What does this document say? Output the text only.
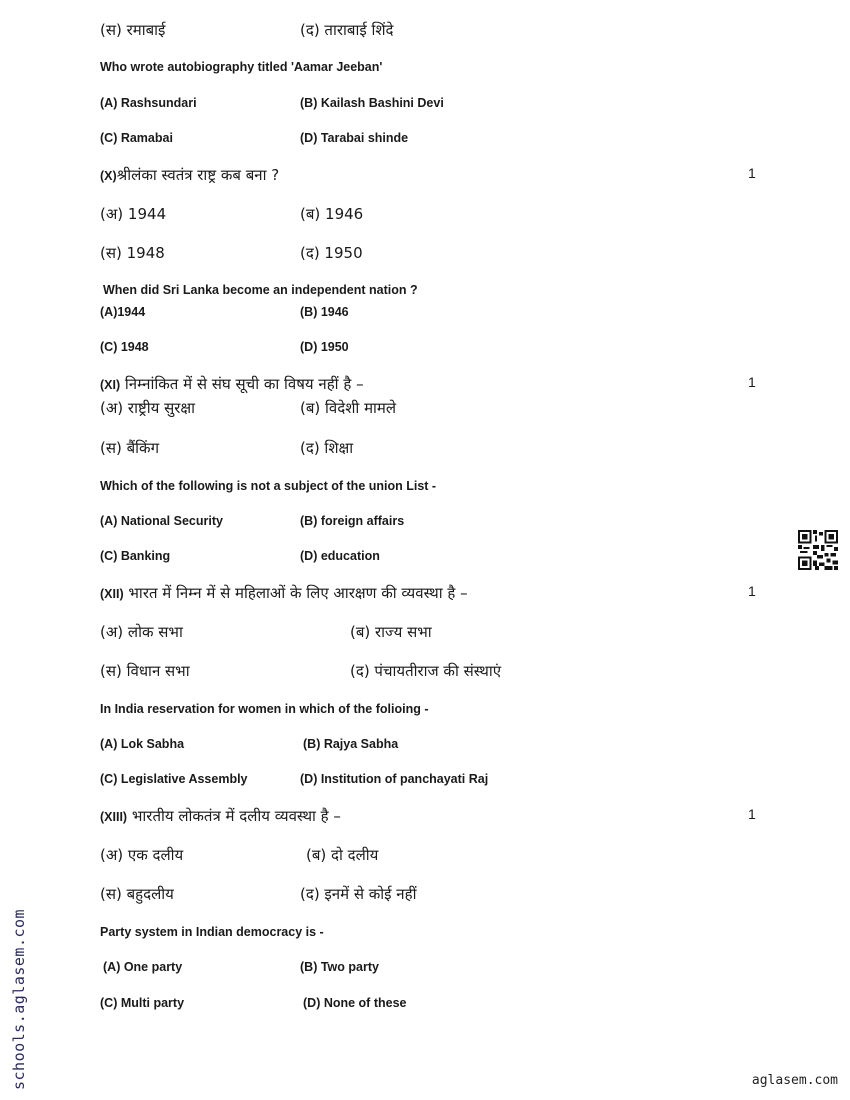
(स) रमाबाई	(द) ताराबाई शिंदे
Who wrote autobiography titled 'Aamar Jeeban'
(A) Rashsundari	(B) Kailash Bashini Devi
(C) Ramabai	(D) Tarabai shinde
(X)श्रीलंका स्वतंत्र राष्ट्र कब बना ?	1
(अ) 1944	(ब) 1946
(स) 1948	(द) 1950
When did Sri Lanka become an independent nation ?
(A)1944	(B) 1946
(C) 1948	(D) 1950
(XI) निम्नांकित में से संघ सूची का विषय नहीं है –	1
(अ) राष्ट्रीय सुरक्षा	(ब) विदेशी मामले
(स) बैंकिंग	(द) शिक्षा
Which of the following is not a subject of the union List -
(A) National Security	(B) foreign affairs
(C) Banking	(D) education
(XII) भारत में निम्न में से महिलाओं के लिए आरक्षण की व्यवस्था है –	1
(अ) लोक सभा	(ब) राज्य सभा
(स) विधान सभा	(द) पंचायतीराज की संस्थाएं
In India reservation for women in which of the folioing -
(A) Lok Sabha	(B) Rajya Sabha
(C) Legislative Assembly	(D) Institution of panchayati Raj
(XIII) भारतीय लोकतंत्र में दलीय व्यवस्था है –	1
(अ) एक दलीय	(ब) दो दलीय
(स) बहुदलीय	(द) इनमें से कोई नहीं
Party system in Indian democracy is -
(A) One party	(B) Two party
(C) Multi party	(D) None of these
schools.aglasem.com	aglasem.com
